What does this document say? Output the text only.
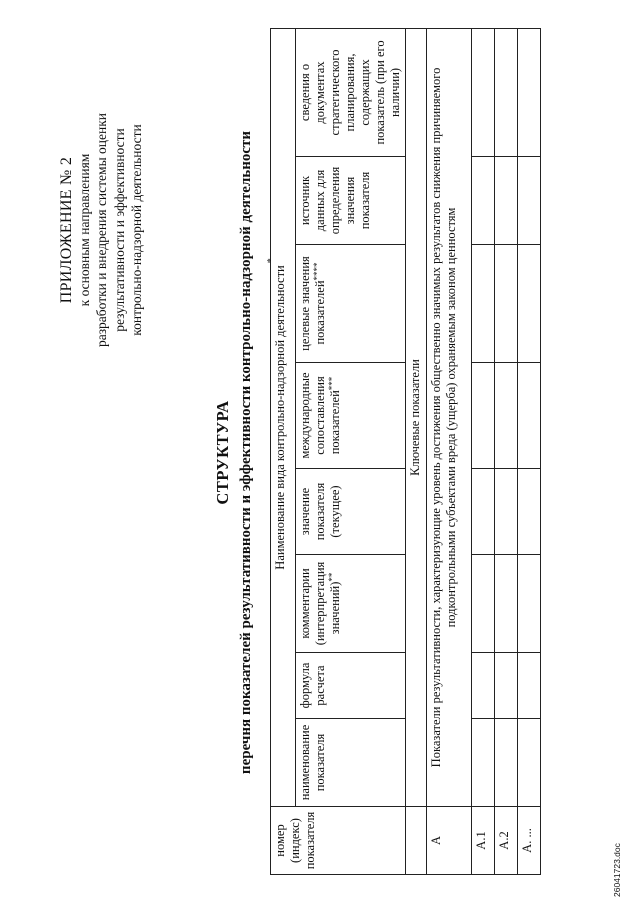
ПРИЛОЖЕНИЕ № 2 к основным направлениям разработки и внедрения системы оценки результативности и эффективности контрольно-надзорной деятельности
СТРУКТУРА перечня показателей результативности и эффективности контрольно-надзорной деятельности
номер (индекс) показателя	Наименование вида контрольно-надзорной деятельности
*							

	наименование показателя	формула расчета	комментарии (интерпретация значений)**	значение показателя (текущее)	международные сопоставления показателей***	целевые значения показателей****	источник данных для определения значения показателя	сведения о документах стратегического планирования, содержащих показатель (при его наличии)
	Ключевые показатели							
А	Показатели результативности, характеризующие уровень достижения общественно значимых результатов снижения причиняемого подконтрольными субъектами вреда (ущерба) охраняемым законом ценностям							
А.1								
А.2								
А. ...								
26041723.doc
